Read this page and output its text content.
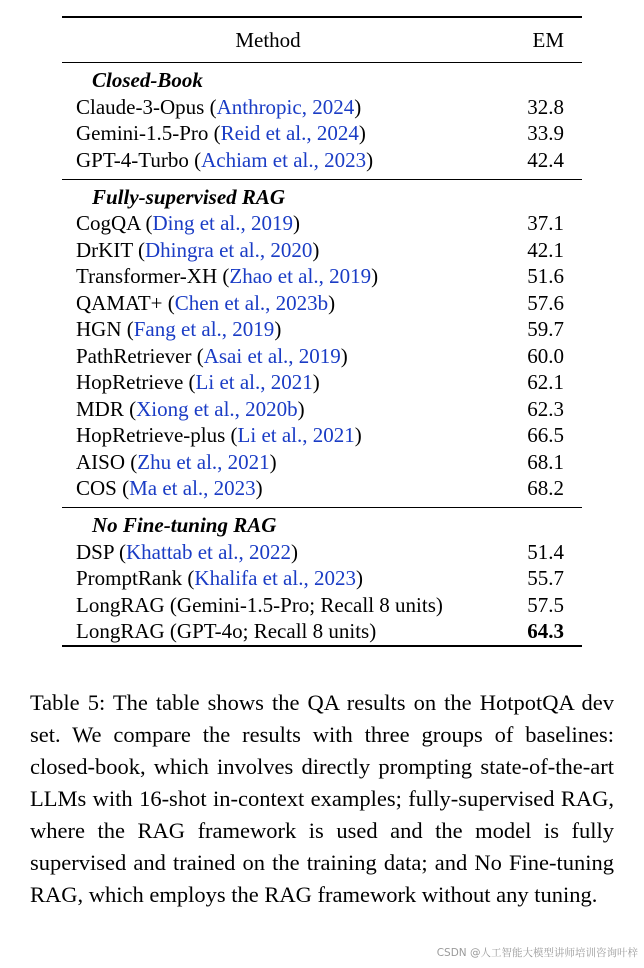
Method	EM
Closed-Book	
Claude-3-Opus (Anthropic, 2024)	32.8
Gemini-1.5-Pro (Reid et al., 2024)	33.9
GPT-4-Turbo (Achiam et al., 2023)	42.4

Fully-supervised RAG	
CogQA (Ding et al., 2019)	37.1
DrKIT (Dhingra et al., 2020)	42.1
Transformer-XH (Zhao et al., 2019)	51.6
QAMAT+ (Chen et al., 2023b)	57.6
HGN (Fang et al., 2019)	59.7
PathRetriever (Asai et al., 2019)	60.0
HopRetrieve (Li et al., 2021)	62.1
MDR (Xiong et al., 2020b)	62.3
HopRetrieve-plus (Li et al., 2021)	66.5
AISO (Zhu et al., 2021)	68.1
COS (Ma et al., 2023)	68.2

No Fine-tuning RAG	
DSP (Khattab et al., 2022)	51.4
PromptRank (Khalifa et al., 2023)	55.7
LongRAG (Gemini-1.5-Pro; Recall 8 units)	57.5
LongRAG (GPT-4o; Recall 8 units)	64.3

Table 5: The table shows the QA results on the HotpotQA dev set. We compare the results with three groups of baselines: closed-book, which involves directly prompting state-of-the-art LLMs with 16-shot in-context examples; fully-supervised RAG, where the RAG framework is used and the model is fully supervised and trained on the training data; and No Fine-tuning RAG, which employs the RAG framework without any tuning.

CSDN @人工智能大模型讲师培训咨询叶梓
